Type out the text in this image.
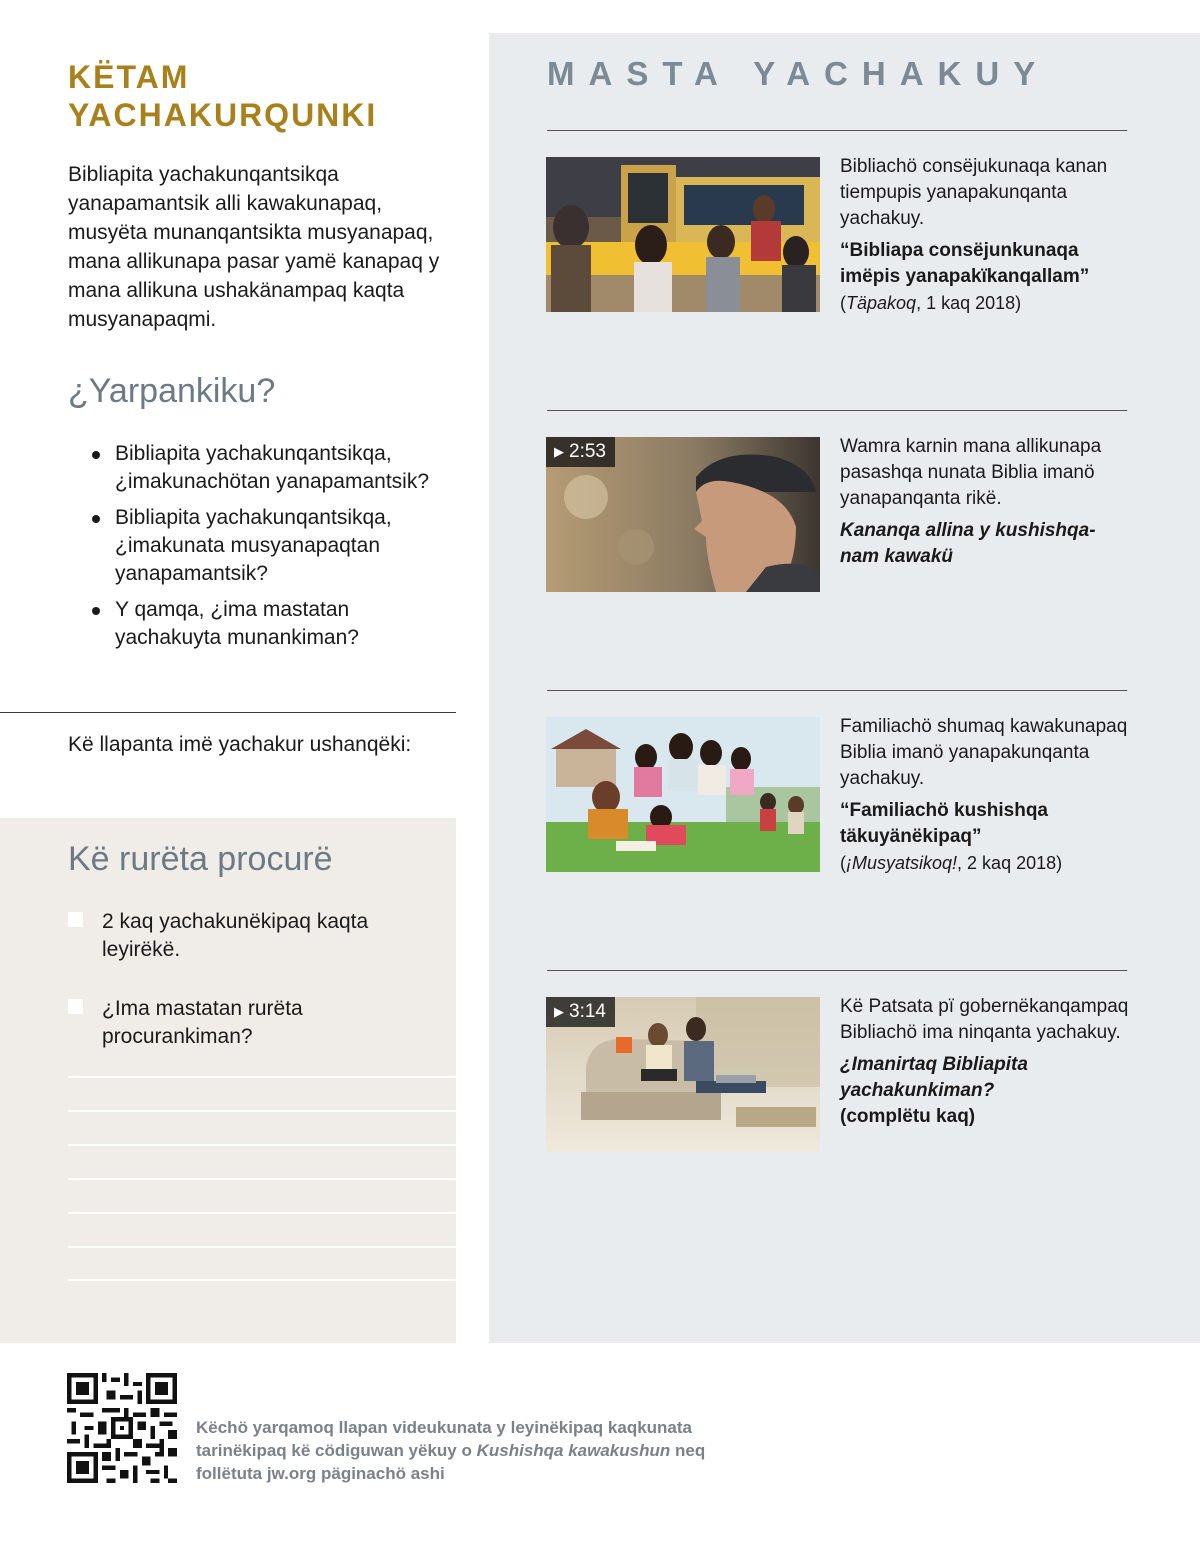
KËTAM
YACHAKURQUNKI

Bibliapita yachakunqantsikqa yanapamantsik alli kawakunapaq, musyëta munanqantsikta musyanapaq, mana allikunapa pasar yamë kanapaq y mana allikuna ushakänampaq kaqta musyanapaqmi.

¿Yarpankiku?
Bibliapita yachakunqantsikqa, ¿imakunachötan yanapamantsik?
Bibliapita yachakunqantsikqa, ¿imakunata musyanapaqtan yanapamantsik?
Y qamqa, ¿ima mastatan yachakuyta munankiman?
Kë llapanta imë yachakur ushanqëki:
Kë rurëta procurë
2 kaq yachakunëkipaq kaqta leyirëkë.
¿Ima mastatan rurëta procurankiman?
MASTA YACHAKUY

Bibliachö consëjukunaqa kanan tiempupis yanapakunqanta yachakuy.

“Bibliapa consëjunkunaqa imëpis yanapakïkanqallam”

(Täpakoq, 1 kaq 2018)

▶ 2:53	Wamra karnin mana allikunapa pasashqa nunata Biblia imanö yanapanqanta rikë.

Kananqa allina y kushishqa-nam kawakü

Familiachö shumaq kawakunapaq Biblia imanö yanapakunqanta yachakuy.

“Familiachö kushishqa täkuyänëkipaq”

(¡Musyatsikoq!, 2 kaq 2018)

▶ 3:14	Kë Patsata pï gobernëkanqampaq Bibliachö ima ninqanta yachakuy.

¿Imanirtaq Bibliapita yachakunkiman?

(complëtu kaq)

Këchö yarqamoq llapan videukunata y leyinëkipaq kaqkunata tarinëkipaq kë cödiguwan yëkuy o Kushishqa kawakushun neq follëtuta jw.org päginachö ashi
